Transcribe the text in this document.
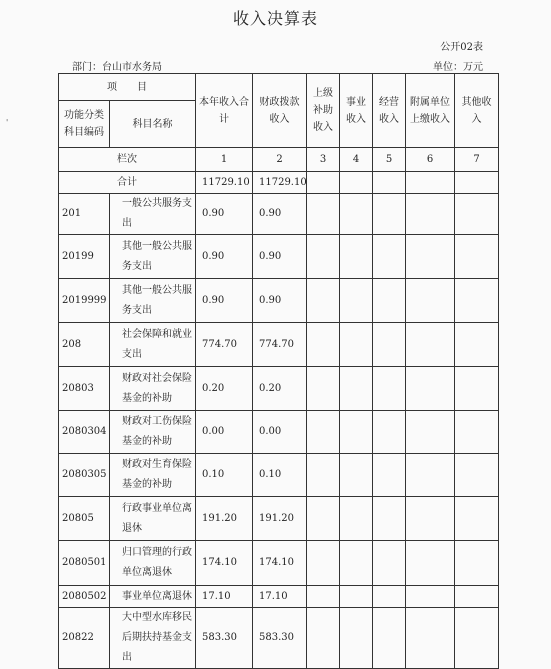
收入决算表
公开02表
部门：台山市水务局	单位：万元
'
项　　目		本年收入合计	财政拨款收入	上级补助收入	事业收入	经营收入	附属单位上缴收入	其他收入
功能分类科目编码	科目名称							
栏次		1	2	3	4	5	6	7
合计		11729.10	11729.10					
201	一般公共服务支出	0.90	0.90					
20199	其他一般公共服务支出	0.90	0.90					
2019999	其他一般公共服务支出	0.90	0.90					
208	社会保障和就业支出	774.70	774.70					
20803	财政对社会保险基金的补助	0.20	0.20					
2080304	财政对工伤保险基金的补助	0.00	0.00					
2080305	财政对生育保险基金的补助	0.10	0.10					
20805	行政事业单位离退休	191.20	191.20					
2080501	归口管理的行政单位离退休	174.10	174.10					
2080502	事业单位离退休	17.10	17.10					
20822	大中型水库移民后期扶持基金支出	583.30	583.30					
